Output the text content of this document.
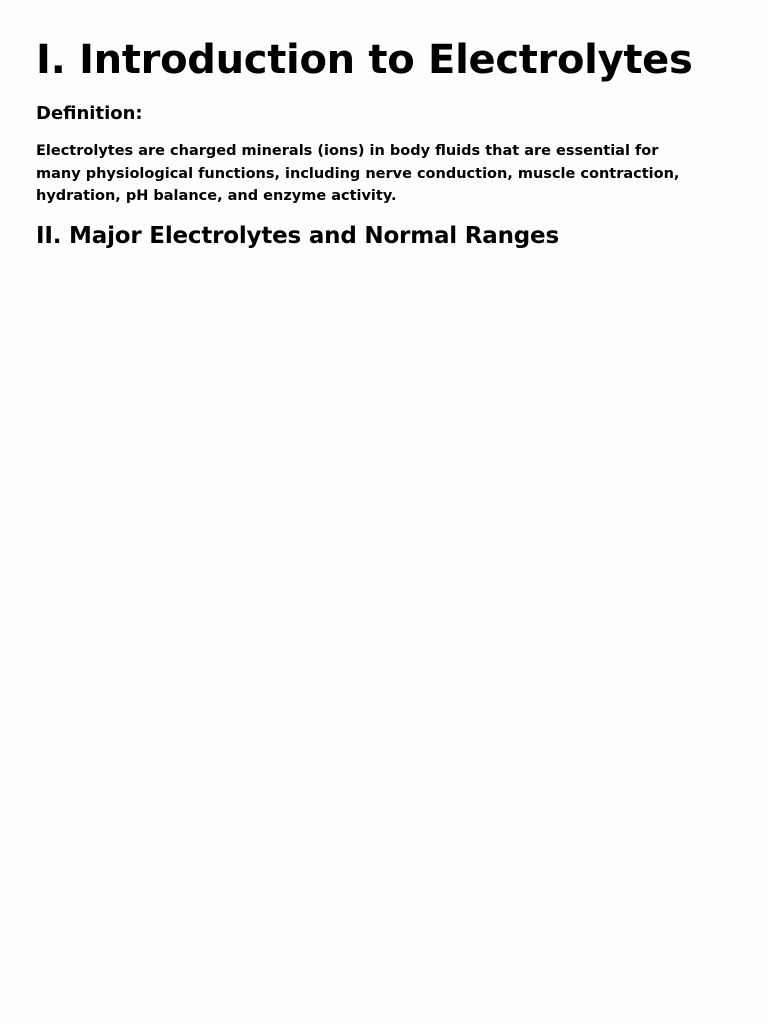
I. Introduction to Electrolytes
Definition:

Electrolytes are charged minerals (ions) in body fluids that are essential for many physiological functions, including nerve conduction, muscle contraction, hydration, pH balance, and enzyme activity.

II. Major Electrolytes and Normal Ranges
